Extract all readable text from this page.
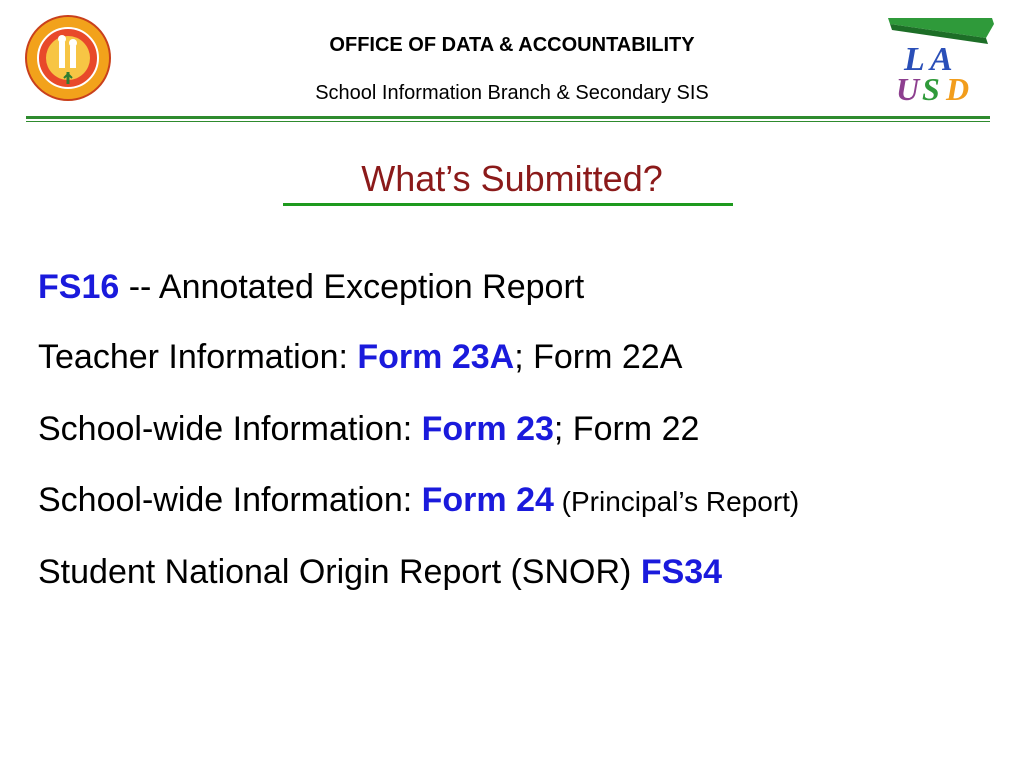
OFFICE OF DATA & ACCOUNTABILITY
School Information Branch & Secondary SIS
L A
U S D
What’s Submitted?
FS16 -- Annotated Exception Report
Teacher Information: Form 23A; Form 22A
School-wide Information: Form 23; Form 22
School-wide Information: Form 24 (Principal’s Report)
Student National Origin Report (SNOR) FS34
